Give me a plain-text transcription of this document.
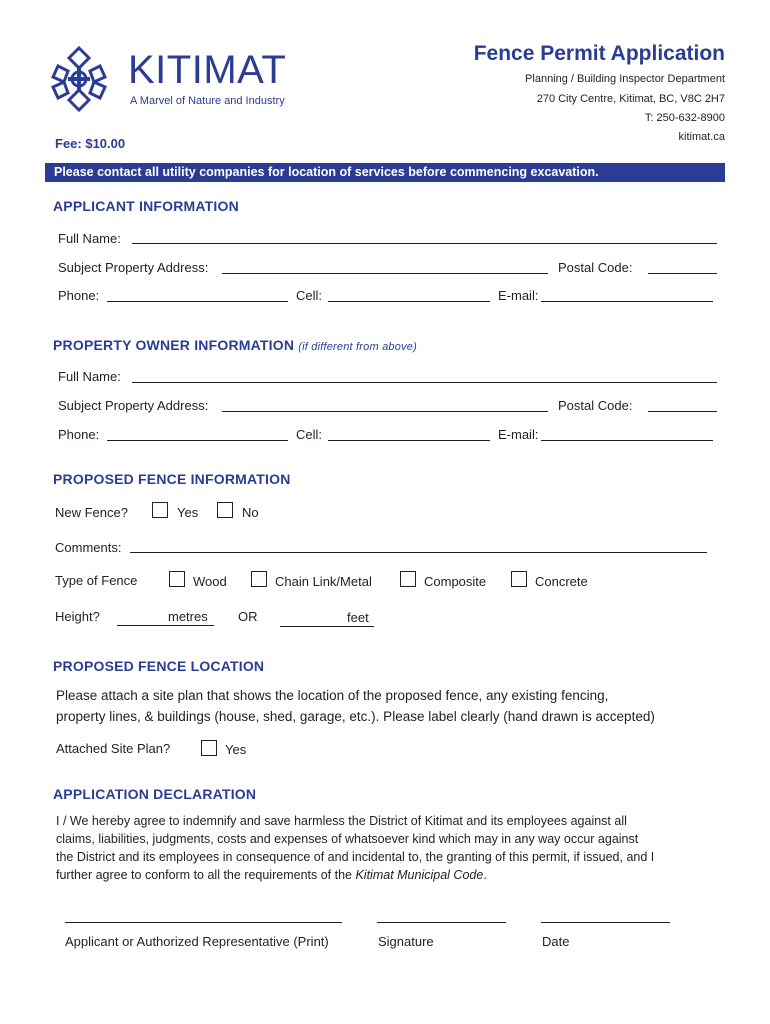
KITIMAT
A Marvel of Nature and Industry
Fence Permit Application
Planning / Building Inspector Department
270 City Centre, Kitimat, BC, V8C 2H7
T: 250-632-8900
kitimat.ca
Fee: $10.00
Please contact all utility companies for location of services before commencing excavation.
APPLICANT INFORMATION
Full Name:
Subject Property Address:	Postal Code:
Phone:	Cell:	E-mail:
PROPERTY OWNER INFORMATION (if different from above)
Full Name:
Subject Property Address:	Postal Code:
Phone:	Cell:	E-mail:
PROPOSED FENCE INFORMATION
New Fence?	Yes	No
Comments:
Type of Fence	Wood	Chain Link/Metal	Composite	Concrete
Height?	metres OR	feet
PROPOSED FENCE LOCATION
Please attach a site plan that shows the location of the proposed fence, any existing fencing,
property lines, & buildings (house, shed, garage, etc.). Please label clearly (hand drawn is accepted)
Attached Site Plan?	Yes
APPLICATION DECLARATION
I / We hereby agree to indemnify and save harmless the District of Kitimat and its employees against all
claims, liabilities, judgments, costs and expenses of whatsoever kind which may in any way occur against
the District and its employees in consequence of and incidental to, the granting of this permit, if issued, and I
further agree to conform to all the requirements of the Kitimat Municipal Code.
Applicant or Authorized Representative (Print)	Signature	Date
